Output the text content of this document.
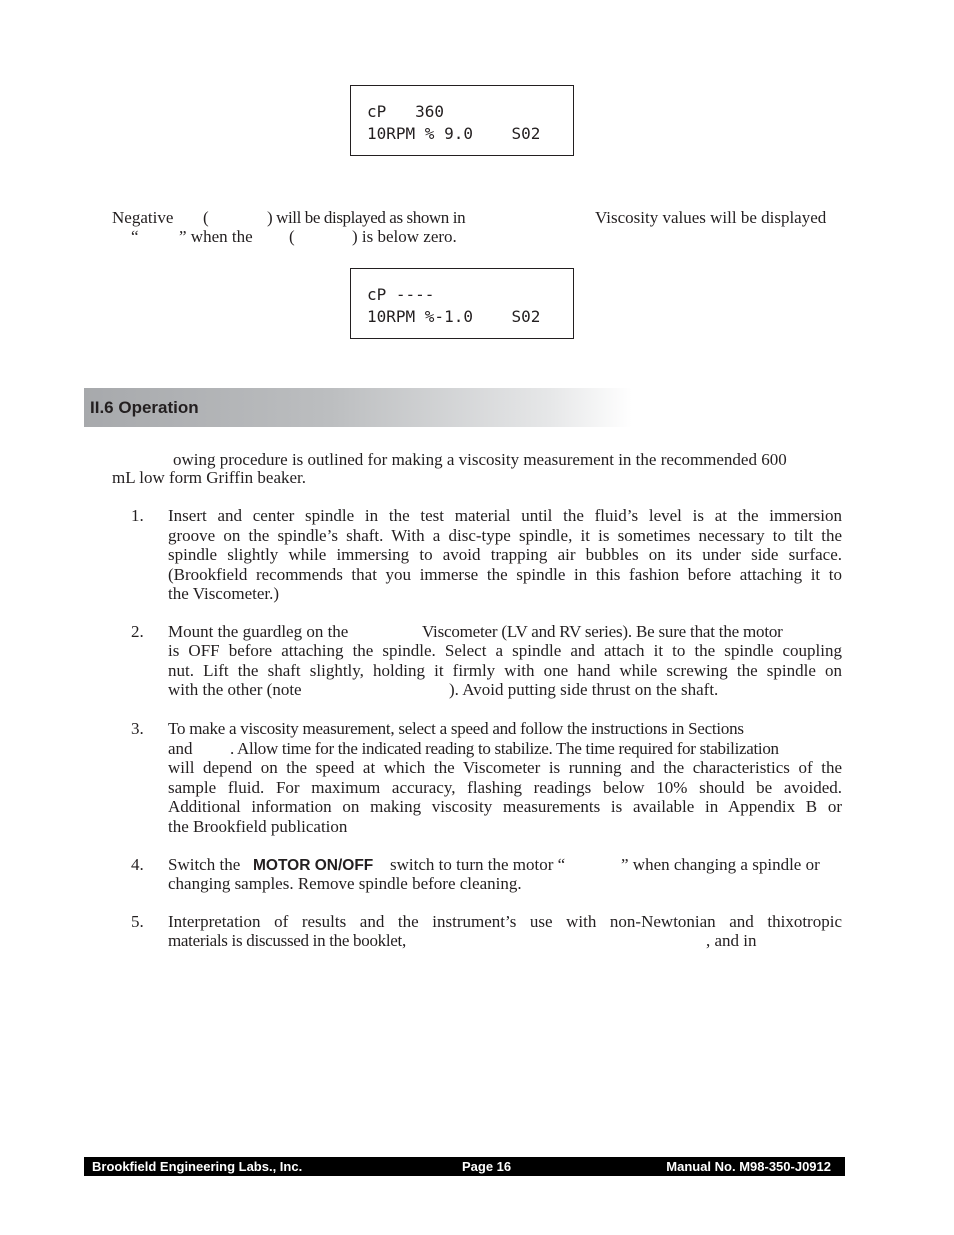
cP   360
10RPM % 9.0    S02
Negative (	) will be displayed as shown in	Viscosity values will be displayed
“ ” when the (	) is below zero.
cP ----
10RPM %-1.0    S02
II.6 Operation
owing procedure is outlined for making a viscosity measurement in the recommended 600
mL low form Griffin beaker.
1. Insert and center spindle in the test material until the fluid’s level is at the immersion
groove on the spindle’s shaft. With a disc-type spindle, it is sometimes necessary to tilt the
spindle slightly while immersing to avoid trapping air bubbles on its under side surface.
(Brookfield recommends that you immerse the spindle in this fashion before attaching it to
the Viscometer.)
2. Mount the guardleg on the	Viscometer (LV and RV series). Be sure that the motor
is OFF before attaching the spindle. Select a spindle and attach it to the spindle coupling
nut. Lift the shaft slightly, holding it firmly with one hand while screwing the spindle on
with the other (note	). Avoid putting side thrust on the shaft.
3. To make a viscosity measurement, select a speed and follow the instructions in Sections
and . Allow time for the indicated reading to stabilize. The time required for stabilization
will depend on the speed at which the Viscometer is running and the characteristics of the
sample fluid. For maximum accuracy, flashing readings below 10% should be avoided.
Additional information on making viscosity measurements is available in Appendix B or
the Brookfield publication
4. Switch the MOTOR ON/OFF switch to turn the motor “	” when changing a spindle or
changing samples. Remove spindle before cleaning.
5. Interpretation of results and the instrument’s use with non-Newtonian and thixotropic
materials is discussed in the booklet,	, and in
Brookfield Engineering Labs., Inc.	Page 16	Manual No. M98-350-J0912
